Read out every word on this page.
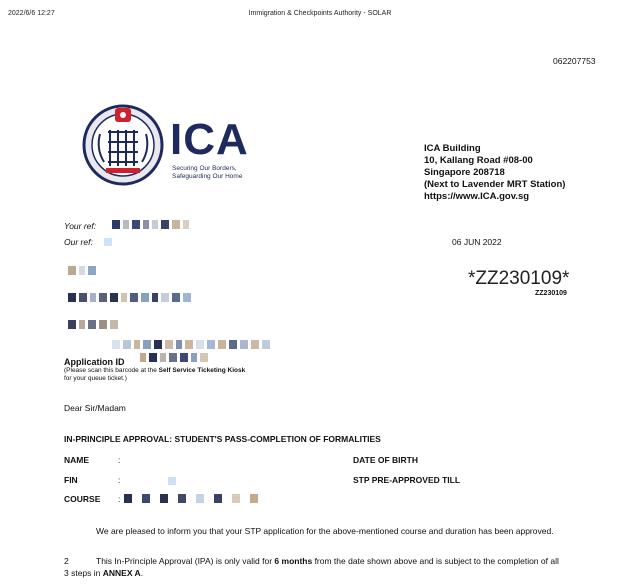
2022/6/6 12:27	Immigration & Checkpoints Authority - SOLAR
062207753
ICA
Securing Our Borders,
Safeguarding Our Home
ICA Building
10, Kallang Road #08-00
Singapore 208718
(Next to Lavender MRT Station)
https://www.ICA.gov.sg
Your ref:
Our ref:	06 JUN 2022
*ZZ230109*
ZZ230109
Application ID
(Please scan this barcode at the Self Service Ticketing Kiosk
for your queue ticket.)
Dear Sir/Madam
IN-PRINCIPLE APPROVAL: STUDENT'S PASS-COMPLETION OF FORMALITIES
NAME	:	DATE OF BIRTH
FIN	:	STP PRE-APPROVED TILL
COURSE :
We are pleased to inform you that your STP application for the above-mentioned course and duration has been approved.
2	This In-Principle Approval (IPA) is only valid for 6 months from the date shown above and is subject to the completion of all
3 steps in ANNEX A.
